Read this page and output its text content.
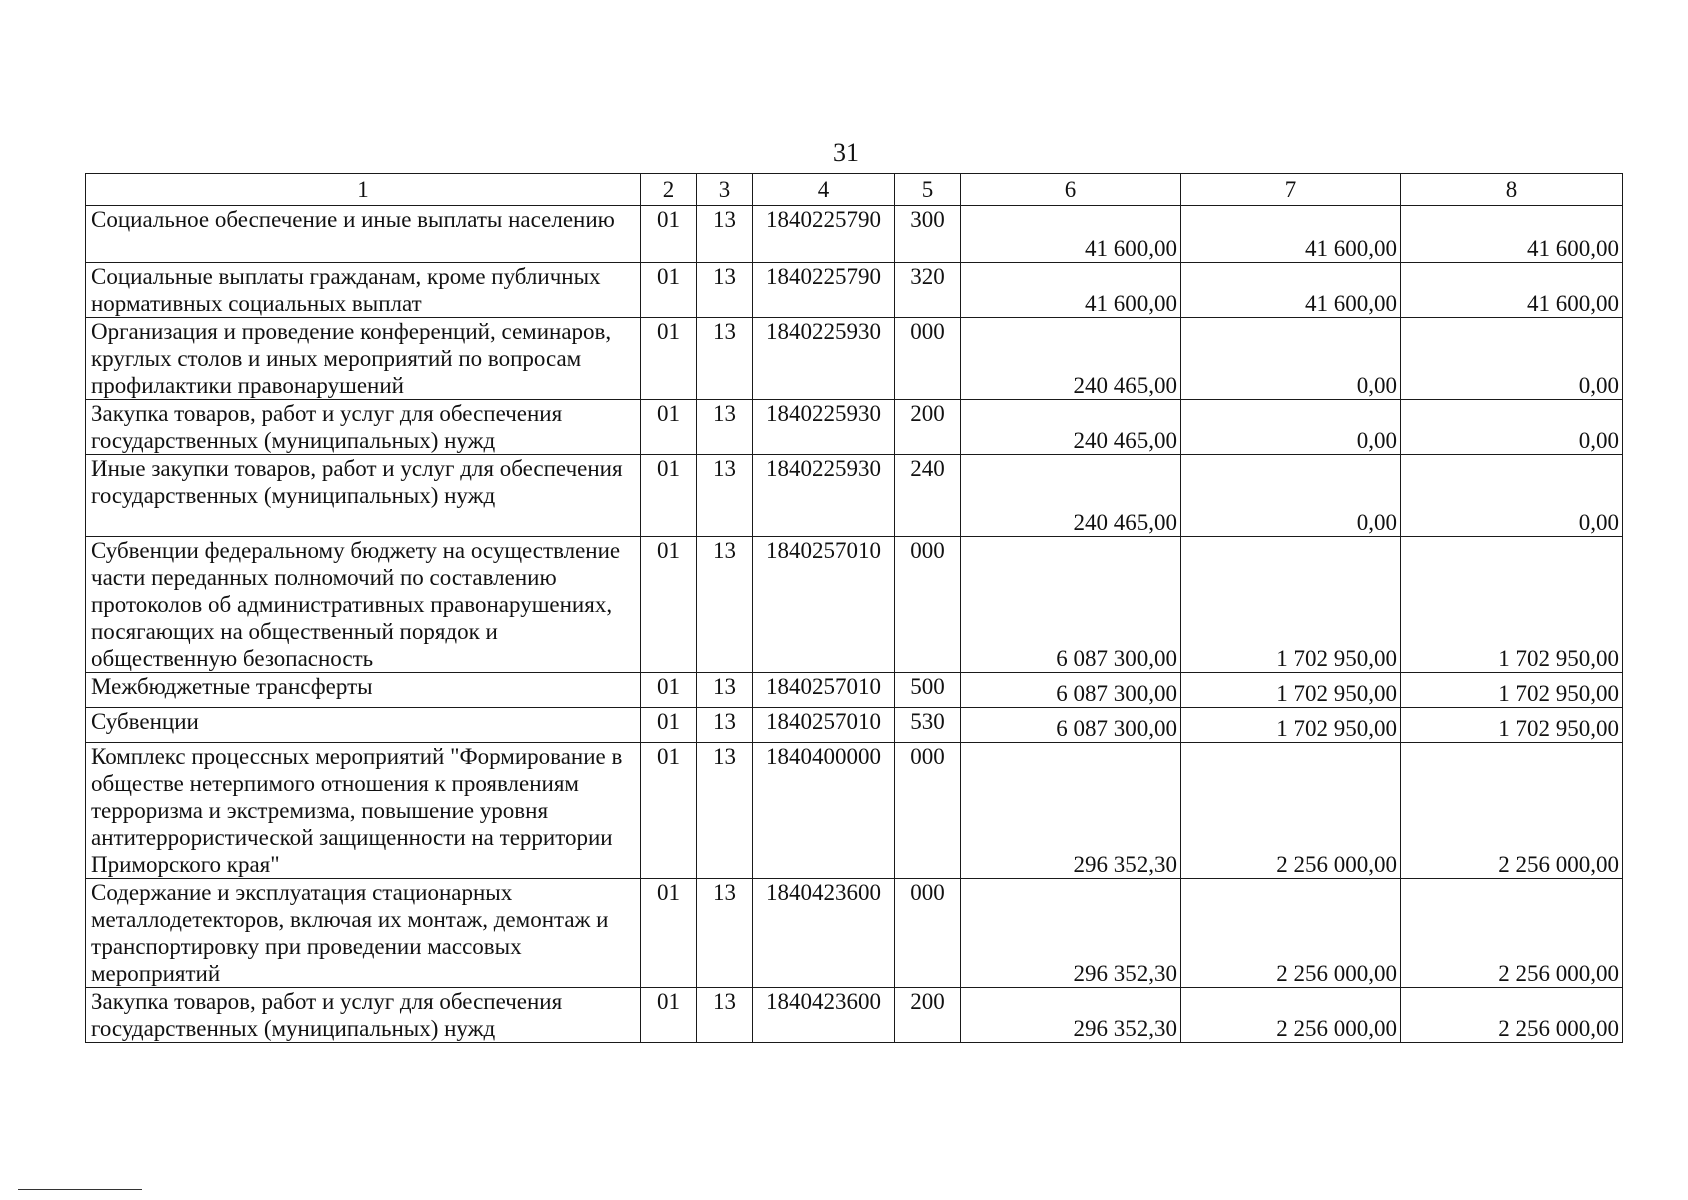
31
1	2	3	4	5	6	7	8
Социальное обеспечение и иные выплаты населению	01	13	1840225790	300	41 600,00	41 600,00	41 600,00
Социальные выплаты гражданам, кроме публичных нормативных социальных выплат	01	13	1840225790	320	41 600,00	41 600,00	41 600,00
Организация и проведение конференций, семинаров, круглых столов и иных мероприятий по вопросам профилактики правонарушений	01	13	1840225930	000	240 465,00	0,00	0,00
Закупка товаров, работ и услуг для обеспечения государственных (муниципальных) нужд	01	13	1840225930	200	240 465,00	0,00	0,00
Иные закупки товаров, работ и услуг для обеспечения государственных (муниципальных) нужд	01	13	1840225930	240	240 465,00	0,00	0,00
Субвенции федеральному бюджету на осуществление части переданных полномочий по составлению протоколов об административных правонарушениях, посягающих на общественный порядок и общественную безопасность	01	13	1840257010	000	6 087 300,00	1 702 950,00	1 702 950,00
Межбюджетные трансферты	01	13	1840257010	500	6 087 300,00	1 702 950,00	1 702 950,00
Субвенции	01	13	1840257010	530	6 087 300,00	1 702 950,00	1 702 950,00
Комплекс процессных мероприятий "Формирование в обществе нетерпимого отношения к проявлениям терроризма и экстремизма, повышение уровня антитеррористической защищенности на территории Приморского края"	01	13	1840400000	000	296 352,30	2 256 000,00	2 256 000,00
Содержание и эксплуатация стационарных металлодетекторов, включая их монтаж, демонтаж и транспортировку при проведении массовых мероприятий	01	13	1840423600	000	296 352,30	2 256 000,00	2 256 000,00
Закупка товаров, работ и услуг для обеспечения государственных (муниципальных) нужд	01	13	1840423600	200	296 352,30	2 256 000,00	2 256 000,00
